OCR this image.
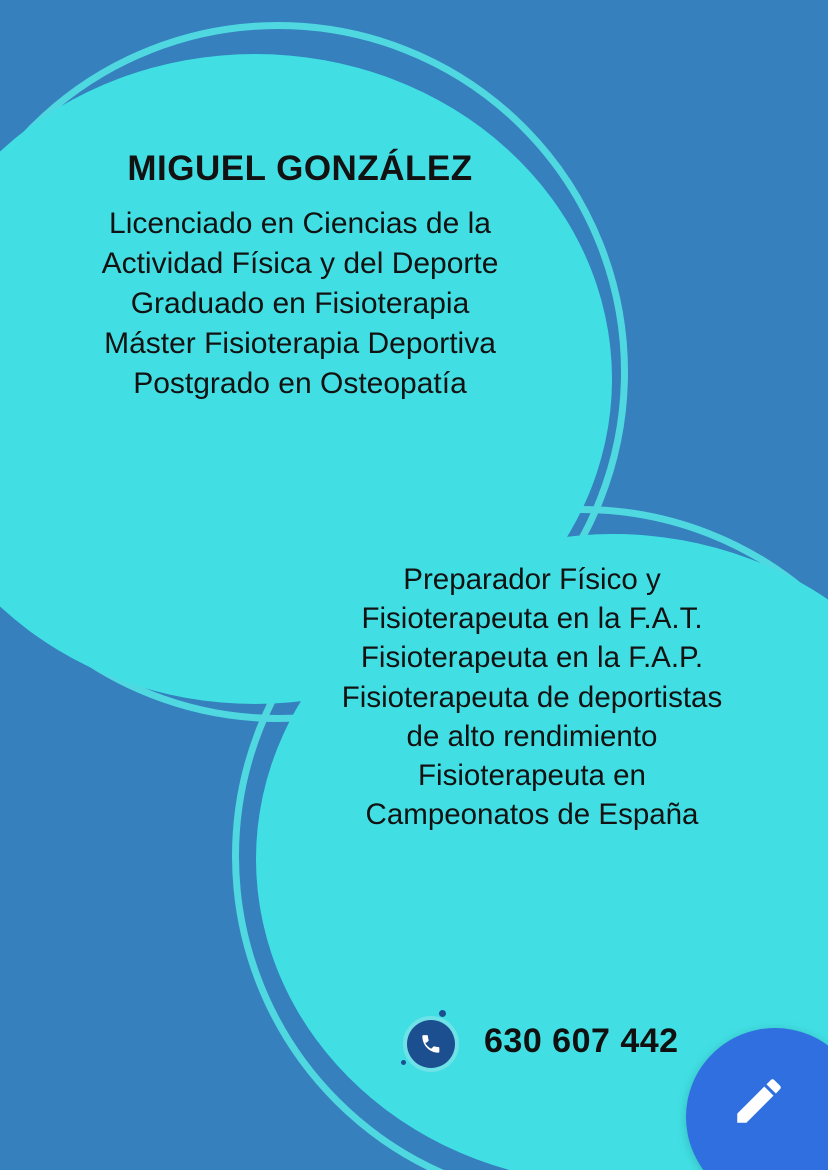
MIGUEL GONZÁLEZ
Licenciado en Ciencias de la
Actividad Física y del Deporte
Graduado en Fisioterapia
Máster Fisioterapia Deportiva
Postgrado en Osteopatía
Preparador Físico y
Fisioterapeuta en la F.A.T.
Fisioterapeuta en la F.A.P.
Fisioterapeuta de deportistas
de alto rendimiento
Fisioterapeuta en
Campeonatos de España
630 607 442
